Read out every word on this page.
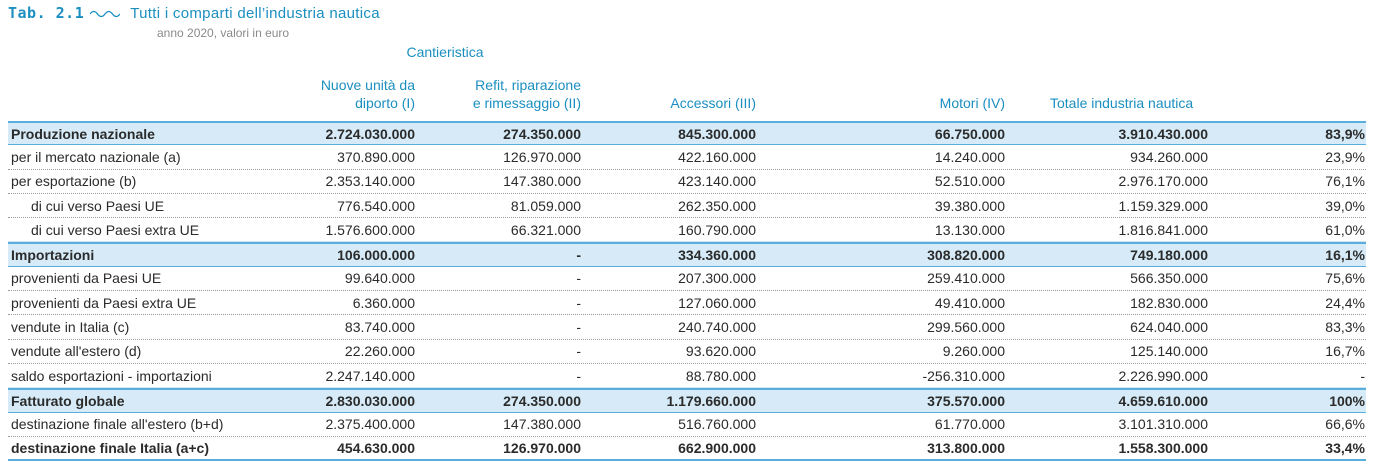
Tab. 2.1	Tutti i comparti dell’industria nautica
anno 2020, valori in euro
Cantieristica
Nuove unità da
diporto (I)
Refit, riparazione
e rimessaggio (II)	Accessori (III)	Motori (IV)	Totale industria nautica
Produzione nazionale	2.724.030.000	274.350.000	845.300.000	66.750.000	3.910.430.000	83,9%
per il mercato nazionale (a)	370.890.000	126.970.000	422.160.000	14.240.000	934.260.000	23,9%
per esportazione (b)	2.353.140.000	147.380.000	423.140.000	52.510.000	2.976.170.000	76,1%
di cui verso Paesi UE	776.540.000	81.059.000	262.350.000	39.380.000	1.159.329.000	39,0%
di cui verso Paesi extra UE	1.576.600.000	66.321.000	160.790.000	13.130.000	1.816.841.000	61,0%
Importazioni	106.000.000	-	334.360.000	308.820.000	749.180.000	16,1%
provenienti da Paesi UE	99.640.000	-	207.300.000	259.410.000	566.350.000	75,6%
provenienti da Paesi extra UE	6.360.000	-	127.060.000	49.410.000	182.830.000	24,4%
vendute in Italia (c)	83.740.000	-	240.740.000	299.560.000	624.040.000	83,3%
vendute all'estero (d)	22.260.000	-	93.620.000	9.260.000	125.140.000	16,7%
saldo esportazioni - importazioni	2.247.140.000	-	88.780.000	-256.310.000	2.226.990.000	-
Fatturato globale	2.830.030.000	274.350.000	1.179.660.000	375.570.000	4.659.610.000	100%
destinazione finale all'estero (b+d)	2.375.400.000	147.380.000	516.760.000	61.770.000	3.101.310.000	66,6%
destinazione finale Italia (a+c)	454.630.000	126.970.000	662.900.000	313.800.000	1.558.300.000	33,4%
